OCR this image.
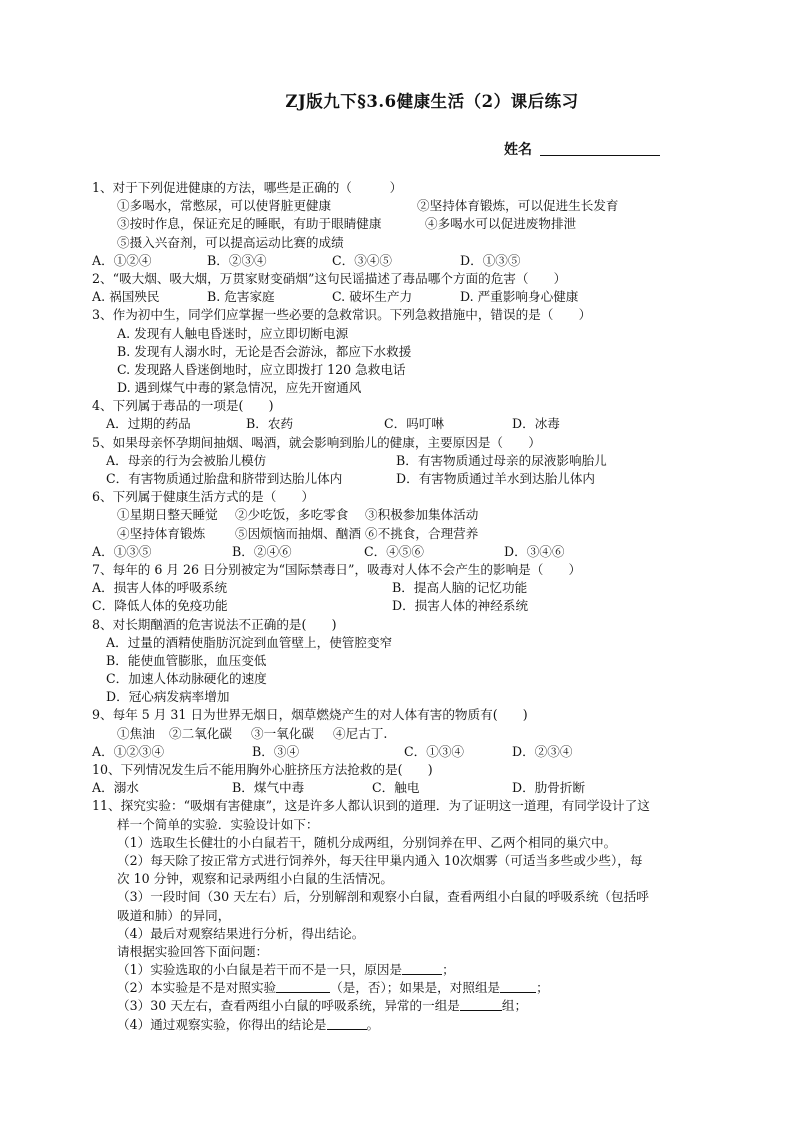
ZJ版九下§3.6健康生活（2）课后练习
姓名
1、对于下列促进健康的方法，哪些是正确的（　　　）
①多喝水，常憋尿，可以使肾脏更健康	②坚持体育锻炼，可以促进生长发育
③按时作息，保证充足的睡眠，有助于眼睛健康	④多喝水可以促进废物排泄
⑤摄入兴奋剂，可以提高运动比赛的成绩
A．①②④	B．②③④	C．③④⑤	D．①③⑤
2、“吸大烟、吸大烟，万贯家财变硝烟”这句民谣描述了毒品哪个方面的危害（　　）
A. 祸国殃民	B. 危害家庭	C. 破坏生产力	D. 严重影响身心健康
3、作为初中生，同学们应掌握一些必要的急救常识。下列急救措施中，错误的是（　　）
A. 发现有人触电昏迷时，应立即切断电源
B. 发现有人溺水时，无论是否会游泳，都应下水救援
C. 发现路人昏迷倒地时，应立即拨打 120 急救电话
D. 遇到煤气中毒的紧急情况，应先开窗通风
4、下列属于毒品的一项是(　　)
A．过期的药品	B．农药	C．吗叮啉	D．冰毒
5、如果母亲怀孕期间抽烟、喝酒，就会影响到胎儿的健康，主要原因是（　　）
A．母亲的行为会被胎儿模仿	B．有害物质通过母亲的尿液影响胎儿
C．有害物质通过胎盘和脐带到达胎儿体内	D．有害物质通过羊水到达胎儿体内
6、下列属于健康生活方式的是（　　）
①星期日整天睡觉 ②少吃饭，多吃零食 ③积极参加集体活动
④坚持体育锻炼 ⑤因烦恼而抽烟、酗酒 ⑥不挑食，合理营养
A．①③⑤	B．②④⑥	C．④⑤⑥	D．③④⑥
7、每年的 6 月 26 日分别被定为“国际禁毒日”，吸毒对人体不会产生的影响是（　　）
A．损害人体的呼吸系统	B．提高人脑的记忆功能
C．降低人体的免疫功能	D．损害人体的神经系统
8、对长期酗酒的危害说法不正确的是(　　)
A．过量的酒精使脂肪沉淀到血管壁上，使管腔变窄
B．能使血管膨胀，血压变低
C．加速人体动脉硬化的速度
D．冠心病发病率增加
9、每年 5 月 31 日为世界无烟日，烟草燃烧产生的对人体有害的物质有(　　)
①焦油 ②二氧化碳 ③一氧化碳 ④尼古丁.
A．①②③④	B．③④	C．①③④	D．②③④
10、下列情况发生后不能用胸外心脏挤压方法抢救的是(　　)
A．溺水	B．煤气中毒	C．触电	D．肋骨折断
11、探究实验：“吸烟有害健康”，这是许多人都认识到的道理．为了证明这一道理，有同学设计了这
样一个简单的实验．实验设计如下：
（1）选取生长健壮的小白鼠若干，随机分成两组，分别饲养在甲、乙两个相同的巢穴中。
（2）每天除了按正常方式进行饲养外，每天往甲巢内通入 10次烟雾（可适当多些或少些），每
次 10 分钟，观察和记录两组小白鼠的生活情况。
（3）一段时间（30 天左右）后，分别解剖和观察小白鼠，查看两组小白鼠的呼吸系统（包括呼
吸道和肺）的异同，
（4）最后对观察结果进行分析，得出结论。
请根据实验回答下面问题：
（1）实验选取的小白鼠是若干而不是一只，原因是	；
（2）本实验是不是对照实验	（是，否）；如果是，对照组是	；
（3）30 天左右，查看两组小白鼠的呼吸系统，异常的一组是	组；
（4）通过观察实验，你得出的结论是	。
